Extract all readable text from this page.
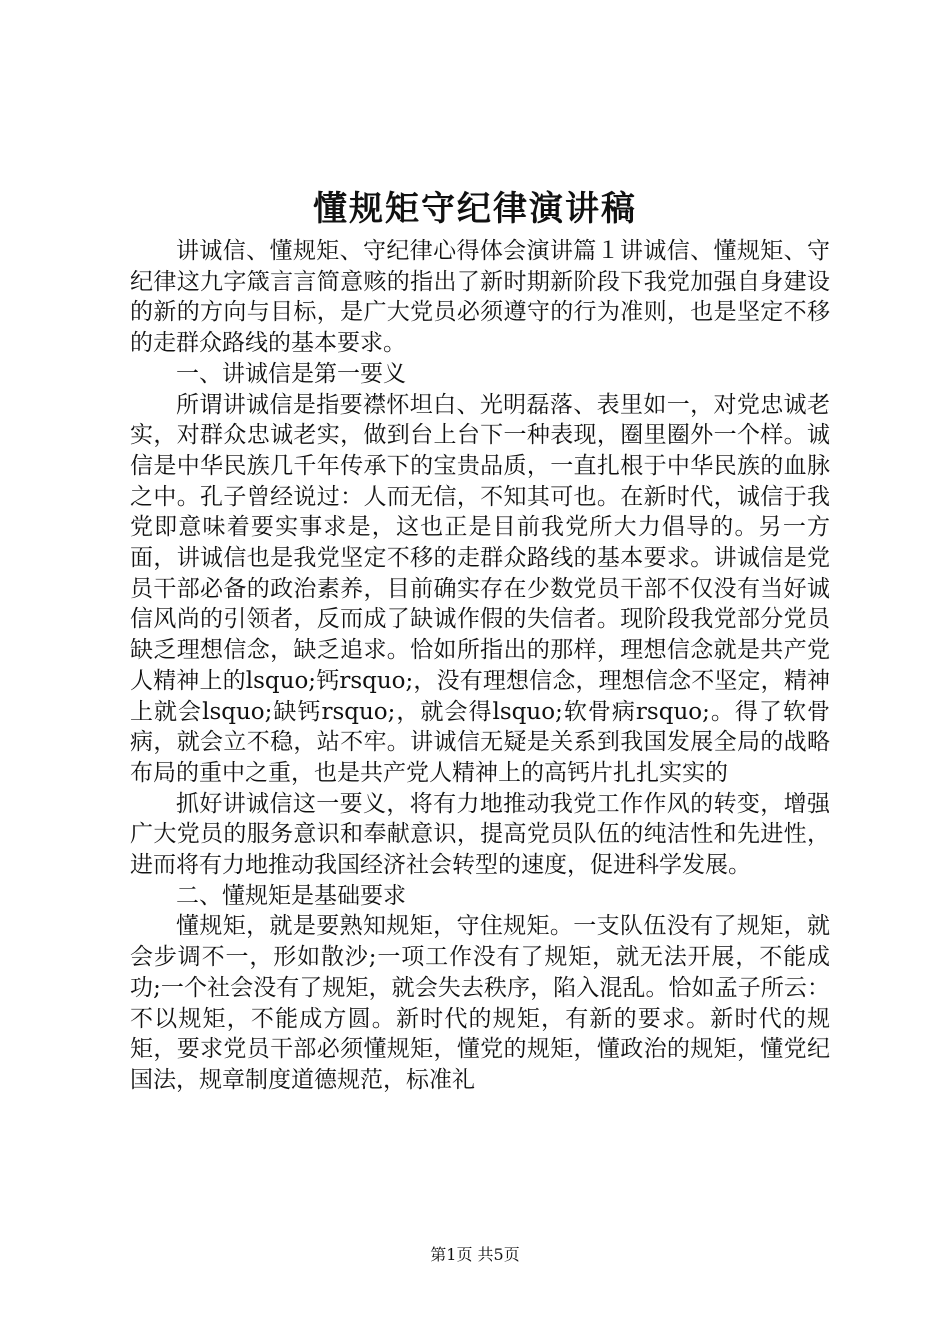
懂规矩守纪律演讲稿

讲诚信、懂规矩、守纪律心得体会演讲篇１讲诚信、懂规矩、守纪律这九字箴言言简意赅的指出了新时期新阶段下我党加强自身建设的新的方向与目标，是广大党员必须遵守的行为准则，也是坚定不移的走群众路线的基本要求。

一、讲诚信是第一要义

所谓讲诚信是指要襟怀坦白、光明磊落、表里如一，对党忠诚老实，对群众忠诚老实，做到台上台下一种表现，圈里圈外一个样。诚信是中华民族几千年传承下的宝贵品质，一直扎根于中华民族的血脉之中。孔子曾经说过：人而无信，不知其可也。在新时代，诚信于我党即意味着要实事求是，这也正是目前我党所大力倡导的。另一方面，讲诚信也是我党坚定不移的走群众路线的基本要求。讲诚信是党员干部必备的政治素养，目前确实存在少数党员干部不仅没有当好诚信风尚的引领者，反而成了缺诚作假的失信者。现阶段我党部分党员缺乏理想信念，缺乏追求。恰如所指出的那样，理想信念就是共产党人精神上的lsquo;钙rsquo;，没有理想信念，理想信念不坚定，精神上就会lsquo;缺钙rsquo;，就会得lsquo;软骨病rsquo;。得了软骨病，就会立不稳，站不牢。讲诚信无疑是关系到我国发展全局的战略布局的重中之重，也是共产党人精神上的高钙片扎扎实实的

抓好讲诚信这一要义，将有力地推动我党工作作风的转变，增强广大党员的服务意识和奉献意识，提高党员队伍的纯洁性和先进性，进而将有力地推动我国经济社会转型的速度，促进科学发展。

二、懂规矩是基础要求

懂规矩，就是要熟知规矩，守住规矩。一支队伍没有了规矩，就会步调不一，形如散沙;一项工作没有了规矩，就无法开展，不能成功;一个社会没有了规矩，就会失去秩序，陷入混乱。恰如孟子所云：不以规矩，不能成方圆。新时代的规矩，有新的要求。新时代的规矩，要求党员干部必须懂规矩，懂党的规矩，懂政治的规矩，懂党纪国法，规章制度道德规范，标准礼

第1页 共5页
